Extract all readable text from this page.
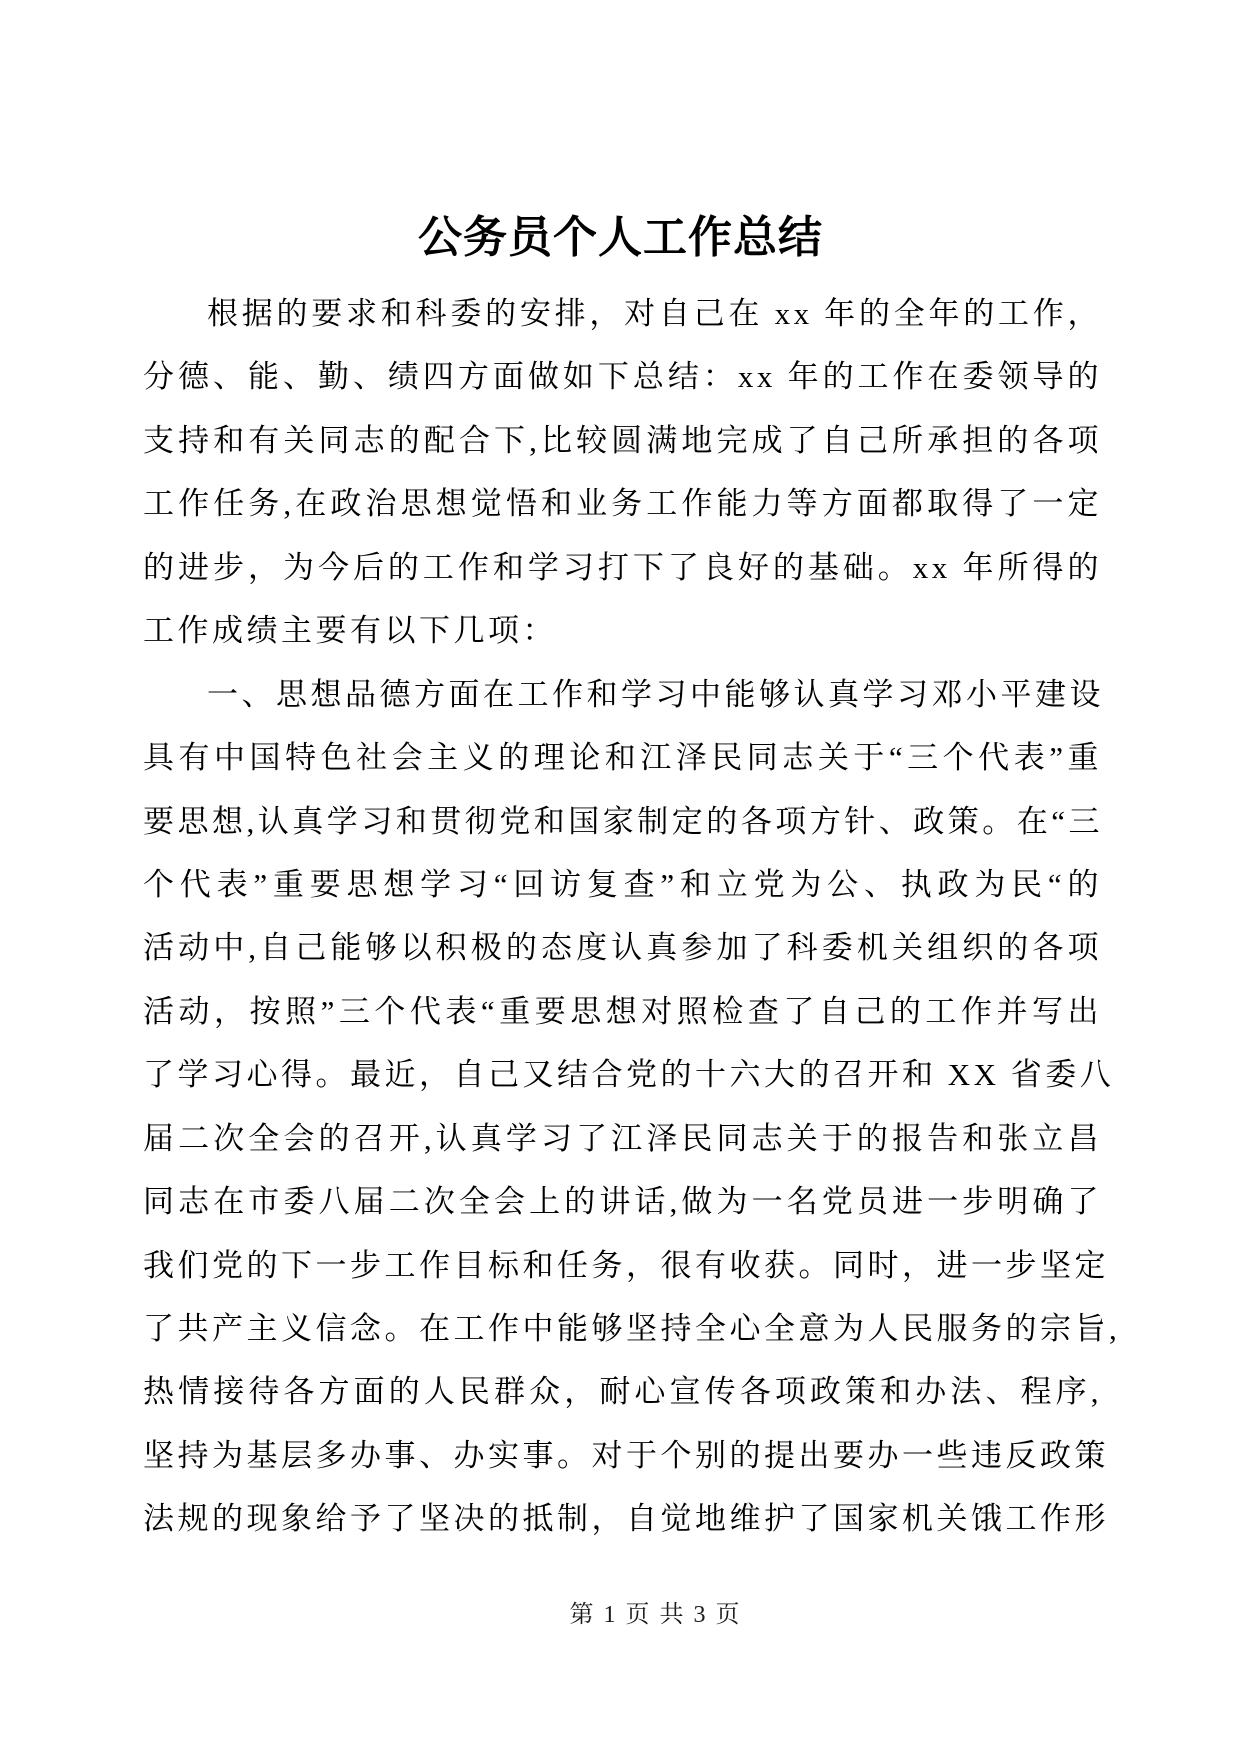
公务员个人工作总结
根据的要求和科委的安排，对自己在 xx 年的全年的工作，
分德、能、勤、绩四方面做如下总结：xx 年的工作在委领导的
支持和有关同志的配合下,比较圆满地完成了自己所承担的各项
工作任务,在政治思想觉悟和业务工作能力等方面都取得了一定
的进步，为今后的工作和学习打下了良好的基础。xx 年所得的
工作成绩主要有以下几项：
一、思想品德方面在工作和学习中能够认真学习邓小平建设
具有中国特色社会主义的理论和江泽民同志关于“三个代表”重
要思想,认真学习和贯彻党和国家制定的各项方针、政策。在“三
个代表”重要思想学习“回访复查”和立党为公、执政为民“的
活动中,自己能够以积极的态度认真参加了科委机关组织的各项
活动，按照”三个代表“重要思想对照检查了自己的工作并写出
了学习心得。最近，自己又结合党的十六大的召开和 XX 省委八
届二次全会的召开,认真学习了江泽民同志关于的报告和张立昌
同志在市委八届二次全会上的讲话,做为一名党员进一步明确了
我们党的下一步工作目标和任务，很有收获。同时，进一步坚定
了共产主义信念。在工作中能够坚持全心全意为人民服务的宗旨,
热情接待各方面的人民群众，耐心宣传各项政策和办法、程序,
坚持为基层多办事、办实事。对于个别的提出要办一些违反政策
法规的现象给予了坚决的抵制，自觉地维护了国家机关饿工作形
第 1 页 共 3 页
